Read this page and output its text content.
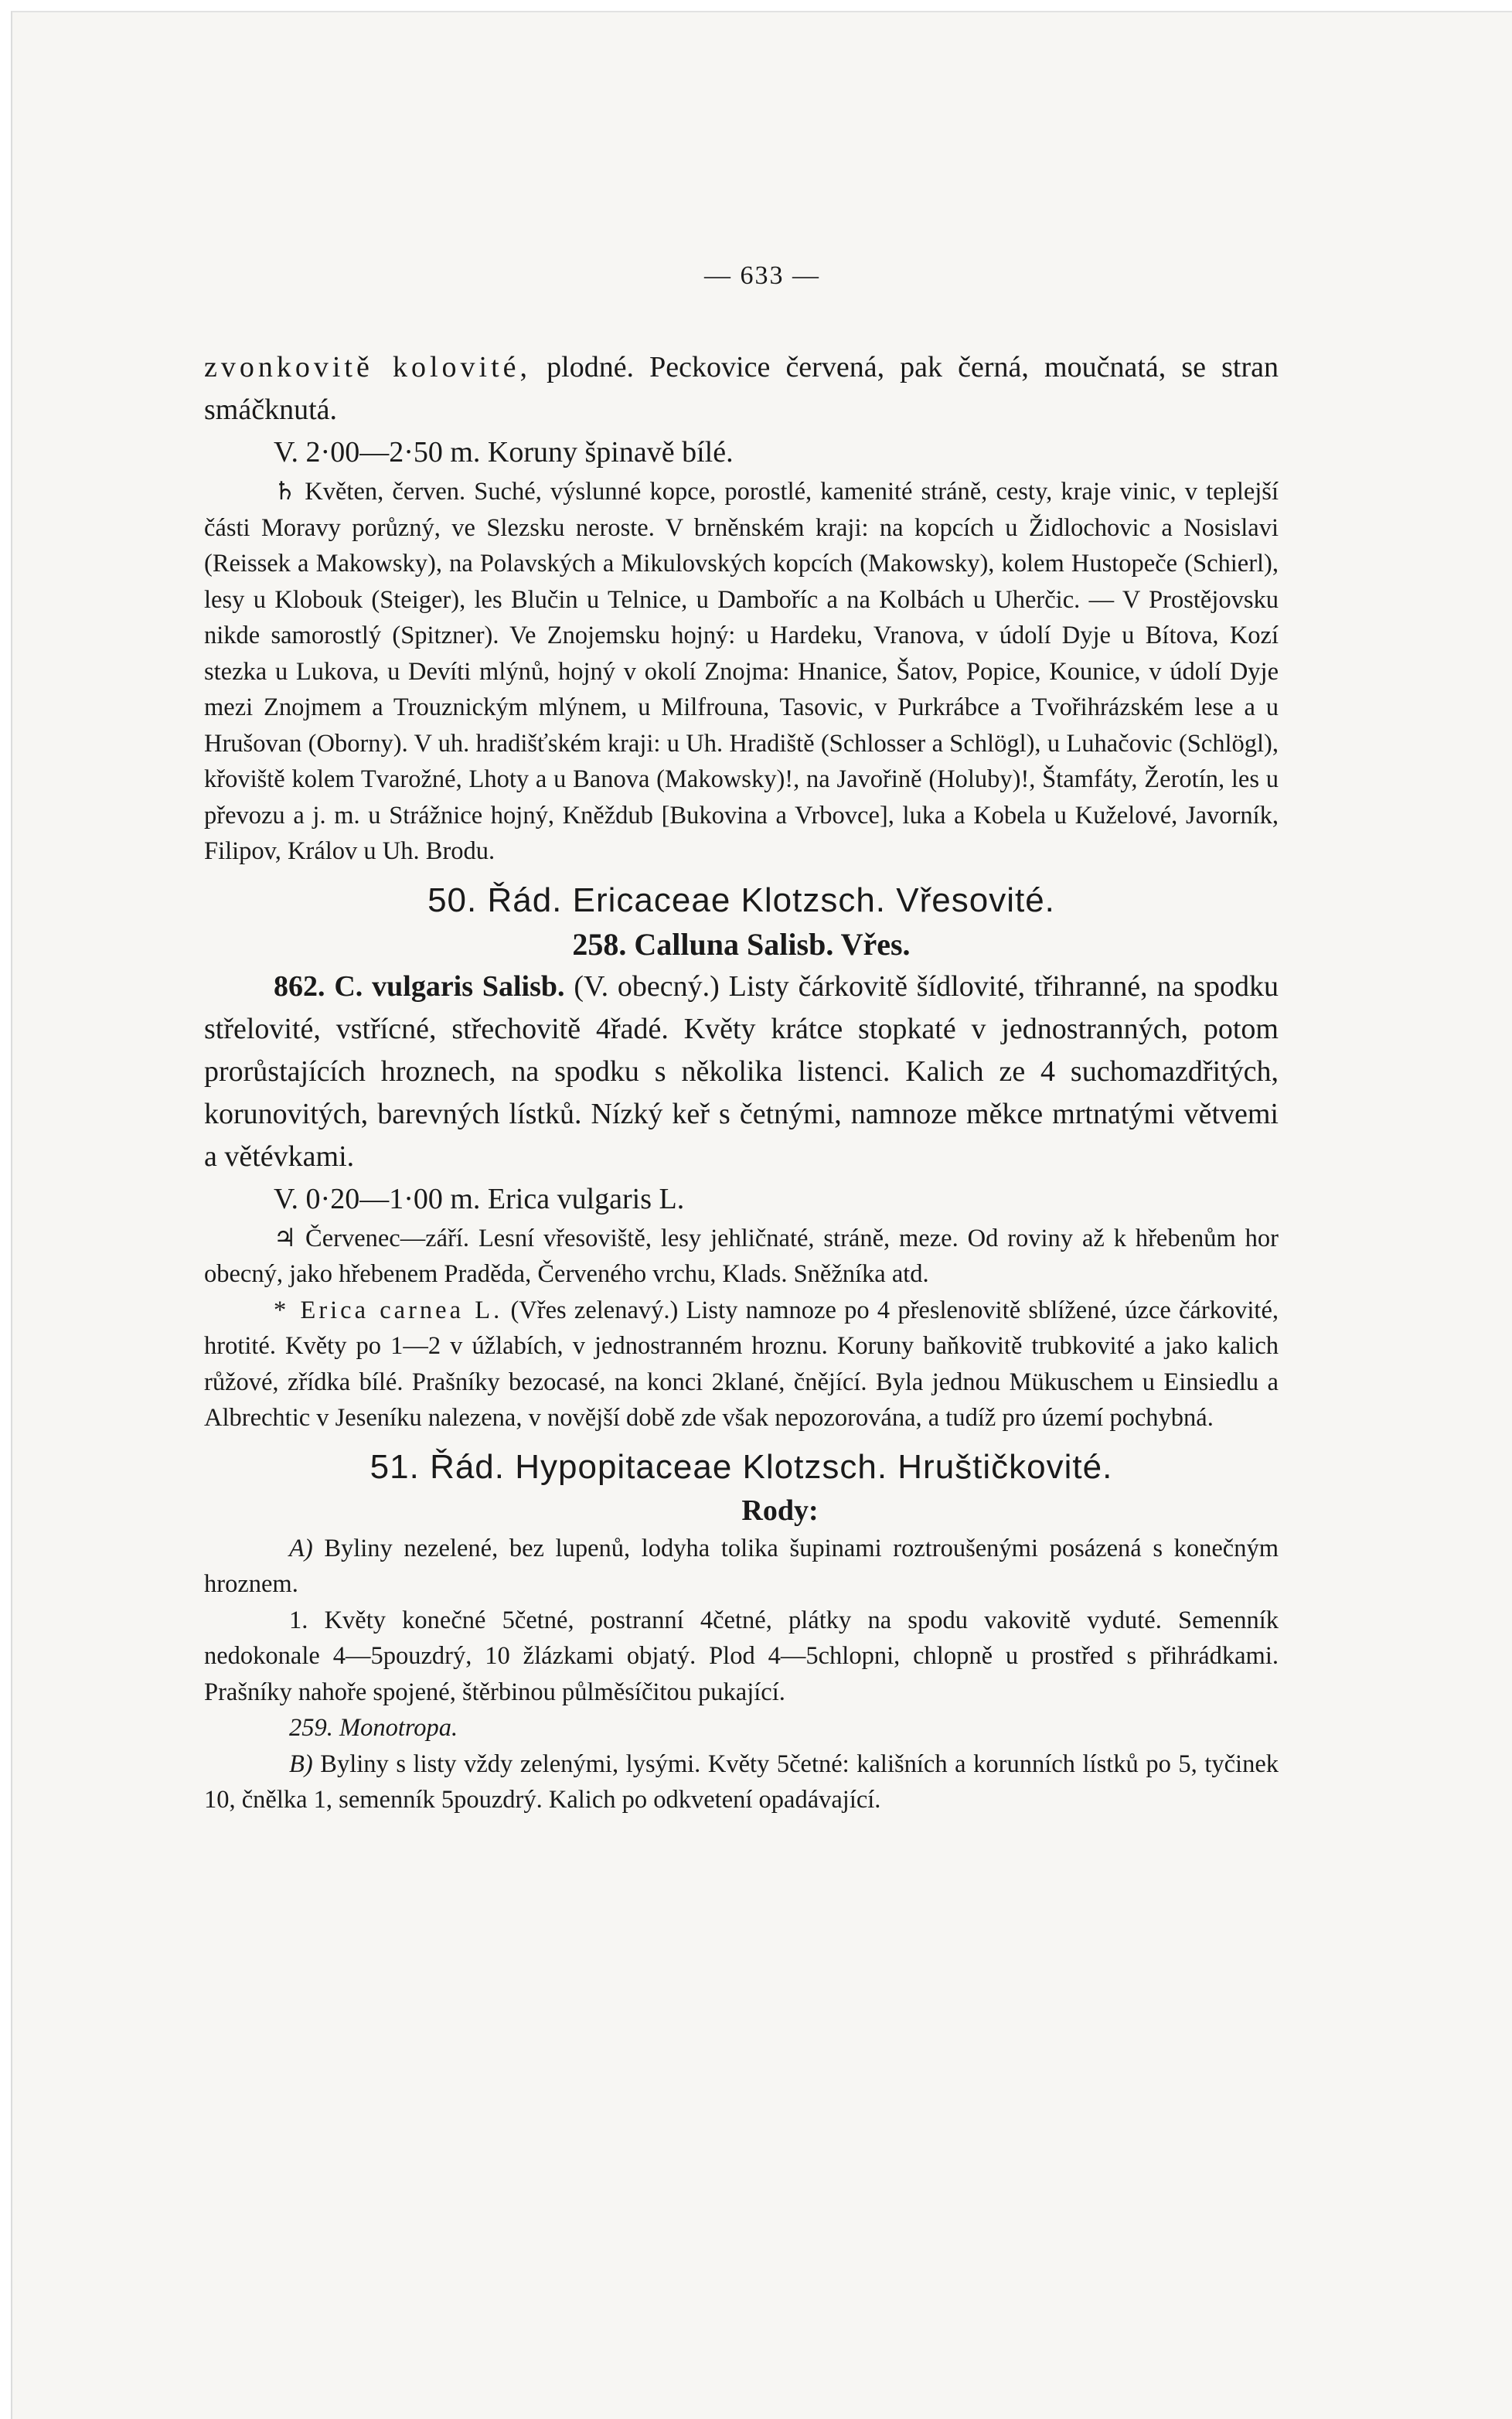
— 633 —

zvonkovitě kolovité, plodné. Peckovice červená, pak černá, moučnatá, se stran smáčknutá.

V. 2·00—2·50 m. Koruny špinavě bílé.

♄ Květen, červen. Suché, výslunné kopce, porostlé, kamenité stráně, cesty, kraje vinic, v teplejší části Moravy porůzný, ve Slezsku neroste. V brněnském kraji: na kopcích u Židlochovic a Nosislavi (Reissek a Makowsky), na Polavských a Mikulovských kopcích (Makowsky), kolem Hustopeče (Schierl), lesy u Klobouk (Steiger), les Blučin u Telnice, u Damboříc a na Kolbách u Uherčic. — V Prostějovsku nikde samorostlý (Spitzner). Ve Znojemsku hojný: u Hardeku, Vranova, v údolí Dyje u Bítova, Kozí stezka u Lukova, u Devíti mlýnů, hojný v okolí Znojma: Hnanice, Šatov, Popice, Kounice, v údolí Dyje mezi Znojmem a Trouznickým mlýnem, u Milfrouna, Tasovic, v Purkrábce a Tvořihrázském lese a u Hrušovan (Oborny). V uh. hradišťském kraji: u Uh. Hradiště (Schlosser a Schlögl), u Luhačovic (Schlögl), křoviště kolem Tvarožné, Lhoty a u Banova (Makowsky)!, na Javořině (Holuby)!, Štamfáty, Žerotín, les u převozu a j. m. u Strážnice hojný, Kněždub [Bukovina a Vrbovce], luka a Kobela u Kuželové, Javorník, Filipov, Králov u Uh. Brodu.

50. Řád. Ericaceae Klotzsch. Vřesovité.
258. Calluna Salisb. Vřes.

862. C. vulgaris Salisb. (V. obecný.) Listy čárkovitě šídlovité, třihranné, na spodku střelovité, vstřícné, střechovitě 4řadé. Květy krátce stopkaté v jednostranných, potom prorůstajících hroznech, na spodku s několika listenci. Kalich ze 4 suchomazdřitých, korunovitých, barevných lístků. Nízký keř s četnými, namnoze měkce mrtnatými větvemi a větévkami.

V. 0·20—1·00 m. Erica vulgaris L.

♃ Červenec—září. Lesní vřesoviště, lesy jehličnaté, stráně, meze. Od roviny až k hřebenům hor obecný, jako hřebenem Praděda, Červeného vrchu, Klads. Sněžníka atd.

* Erica carnea L. (Vřes zelenavý.) Listy namnoze po 4 přeslenovitě sblížené, úzce čárkovité, hrotité. Květy po 1—2 v úžlabích, v jednostranném hroznu. Koruny baňkovitě trubkovité a jako kalich růžové, zřídka bílé. Prašníky bezocasé, na konci 2klané, čnějící. Byla jednou Mükuschem u Einsiedlu a Albrechtic v Jeseníku nalezena, v novější době zde však nepozorována, a tudíž pro území pochybná.

51. Řád. Hypopitaceae Klotzsch. Hruštičkovité.
Rody:

A) Byliny nezelené, bez lupenů, lodyha tolika šupinami roztroušenými posázená s konečným hroznem.

1. Květy konečné 5četné, postranní 4četné, plátky na spodu vakovitě vyduté. Semenník nedokonale 4—5pouzdrý, 10 žlázkami objatý. Plod 4—5chlopni, chlopně u prostřed s přihrádkami. Prašníky nahoře spojené, štěrbinou půlměsíčitou pukající.
259. Monotropa.

B) Byliny s listy vždy zelenými, lysými. Květy 5četné: kališních a korunních lístků po 5, tyčinek 10, čnělka 1, semenník 5pouzdrý. Kalich po odkvetení opadávající.
